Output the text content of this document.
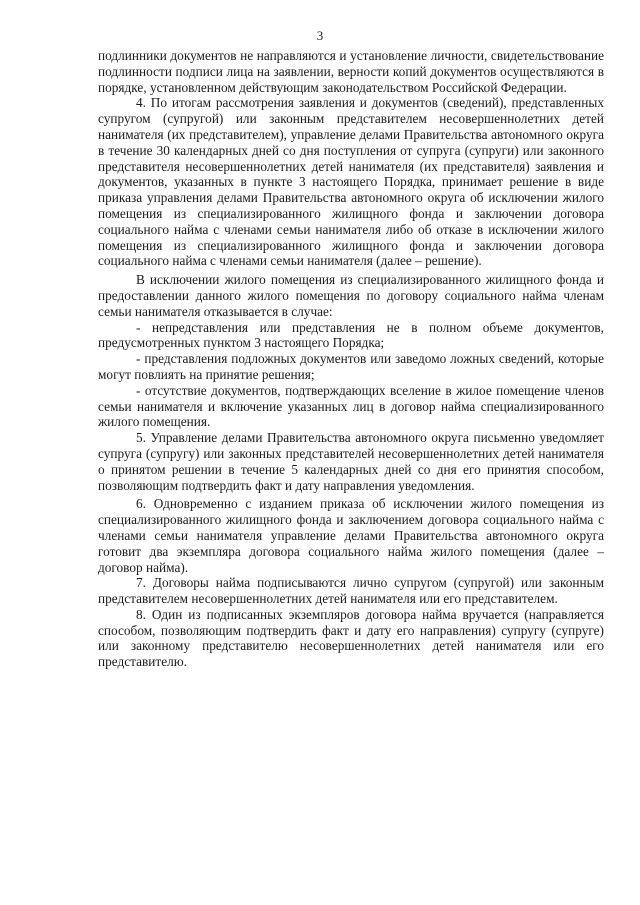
3

подлинники документов не направляются и установление личности, свидетельствование подлинности подписи лица на заявлении, верности копий документов осуществляются в порядке, установленном действующим законодательством Российской Федерации.

4. По итогам рассмотрения заявления и документов (сведений), представленных супругом (супругой) или законным представителем несовершеннолетних детей нанимателя (их представителем), управление делами Правительства автономного округа в течение 30 календарных дней со дня поступления от супруга (супруги) или законного представителя несовершеннолетних детей нанимателя (их представителя) заявления и документов, указанных в пункте 3 настоящего Порядка, принимает решение в виде приказа управления делами Правительства автономного округа об исключении жилого помещения из специализированного жилищного фонда и заключении договора социального найма с членами семьи нанимателя либо об отказе в исключении жилого помещения из специализированного жилищного фонда и заключении договора социального найма с членами семьи нанимателя (далее – решение).

В исключении жилого помещения из специализированного жилищного фонда и предоставлении данного жилого помещения по договору социального найма членам семьи нанимателя отказывается в случае:

- непредставления или представления не в полном объеме документов, предусмотренных пунктом 3 настоящего Порядка;

- представления подложных документов или заведомо ложных сведений, которые могут повлиять на принятие решения;

- отсутствие документов, подтверждающих вселение в жилое помещение членов семьи нанимателя и включение указанных лиц в договор найма специализированного жилого помещения.

5. Управление делами Правительства автономного округа письменно уведомляет супруга (супругу) или законных представителей несовершеннолетних детей нанимателя о принятом решении в течение 5 календарных дней со дня его принятия способом, позволяющим подтвердить факт и дату направления уведомления.

6. Одновременно с изданием приказа об исключении жилого помещения из специализированного жилищного фонда и заключением договора социального найма с членами семьи нанимателя управление делами Правительства автономного округа готовит два экземпляра договора социального найма жилого помещения (далее – договор найма).

7. Договоры найма подписываются лично супругом (супругой) или законным представителем несовершеннолетних детей нанимателя или его представителем.

8. Один из подписанных экземпляров договора найма вручается (направляется способом, позволяющим подтвердить факт и дату его направления) супругу (супруге) или законному представителю несовершеннолетних детей нанимателя или его представителю.
